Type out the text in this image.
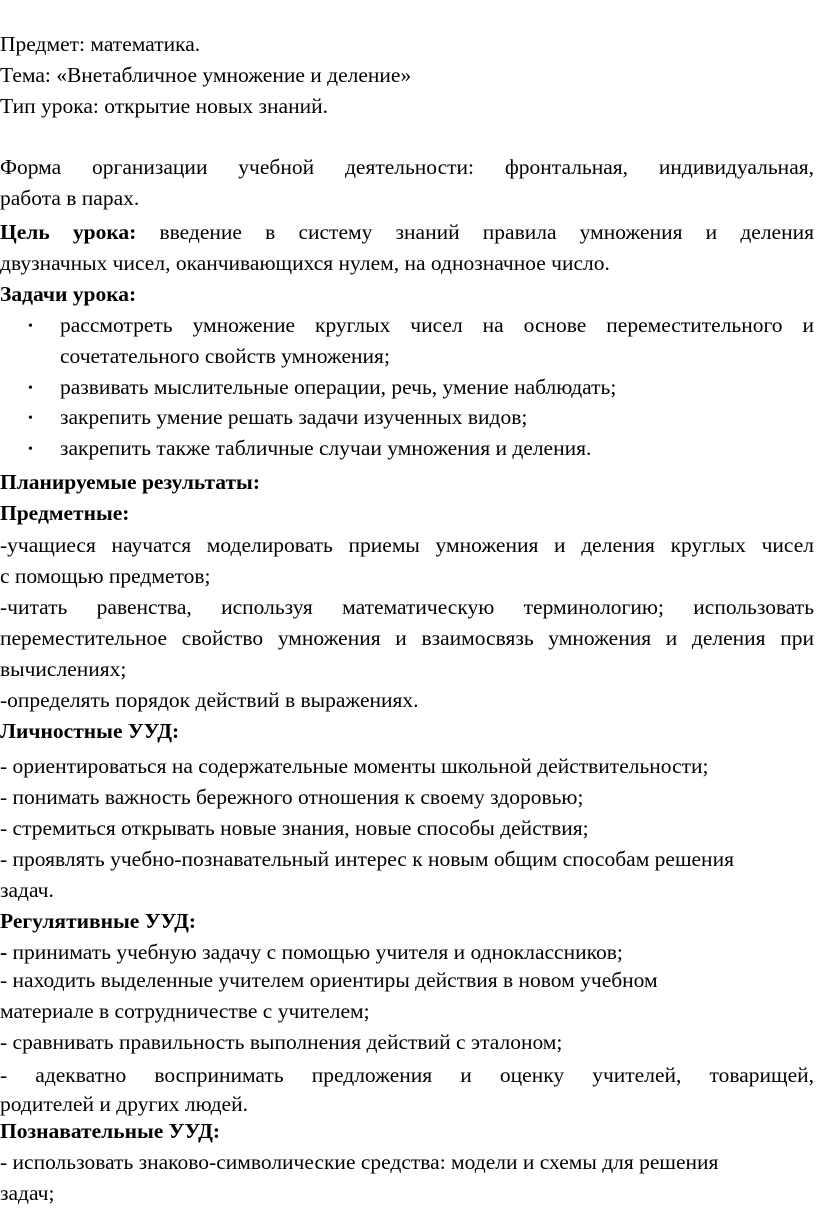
Предмет: математика.
Тема: «Внетабличное умножение и деление»
Тип урока: открытие новых знаний.
Форма организации учебной деятельности: фронтальная, индивидуальная,
работа в парах.
Цель урока: введение в систему знаний правила умножения и деления
двузначных чисел, оканчивающихся нулем, на однозначное число.
Задачи урока:
• рассмотреть умножение круглых чисел на основе переместительного и
сочетательного свойств умножения;
• развивать мыслительные операции, речь, умение наблюдать;
• закрепить умение решать задачи изученных видов;
• закрепить также табличные случаи умножения и деления.
Планируемые результаты:
Предметные:
-учащиеся научатся моделировать приемы умножения и деления круглых чисел
с помощью предметов;
-читать равенства, используя математическую терминологию; использовать
переместительное свойство умножения и взаимосвязь умножения и деления при
вычислениях;
-определять порядок действий в выражениях.
Личностные УУД:
- ориентироваться на содержательные моменты школьной действительности;
- понимать важность бережного отношения к своему здоровью;
- стремиться открывать новые знания, новые способы действия;
- проявлять учебно-познавательный интерес к новым общим способам решения
задач.
Регулятивные УУД:
- принимать учебную задачу с помощью учителя и одноклассников;
- находить выделенные учителем ориентиры действия в новом учебном
материале в сотрудничестве с учителем;
- сравнивать правильность выполнения действий с эталоном;
- адекватно воспринимать предложения и оценку учителей, товарищей,
родителей и других людей.
Познавательные УУД:
- использовать знаково-символические средства: модели и схемы для решения
задач;
